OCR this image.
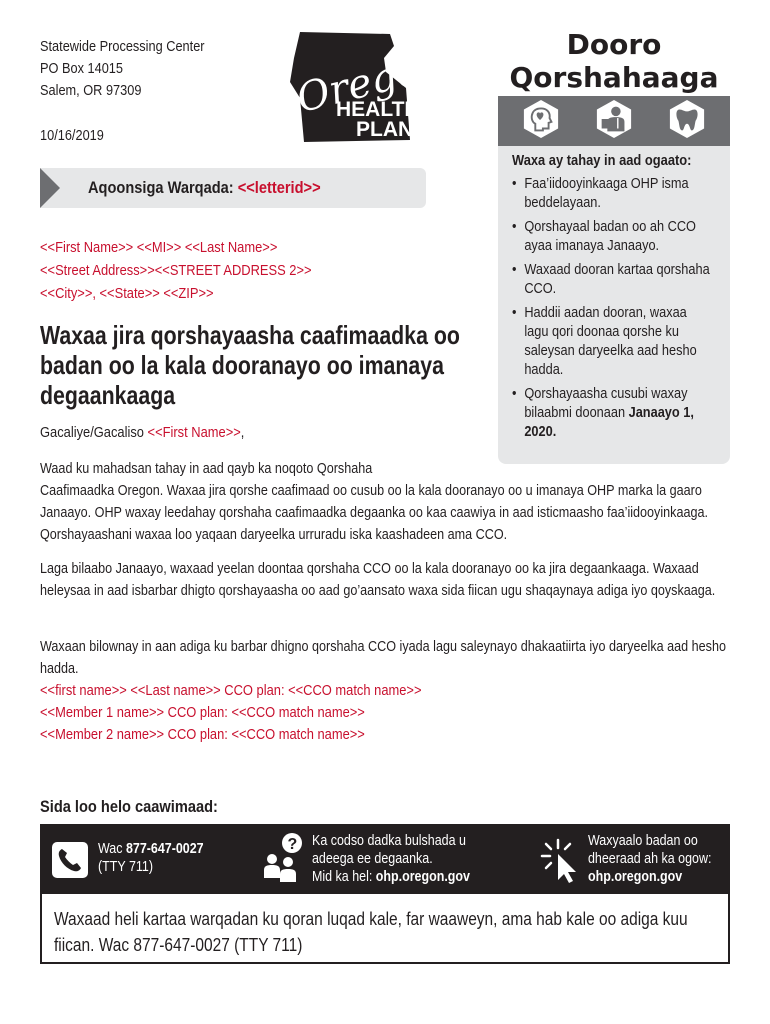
Statewide Processing Center
PO Box 14015
Salem, OR 97309
10/16/2019
Oregon
HEALTH
PLAN
Dooro
Qorshahaaga
Waxa ay tahay in aad ogaato:
• Faa’iidooyinkaaga OHP isma beddelayaan.
• Qorshayaal badan oo ah CCO ayaa imanaya Janaayo.
• Waxaad dooran kartaa qorshaha CCO.
• Haddii aadan dooran, waxaa lagu qori doonaa qorshe ku saleysan daryeelka aad hesho hadda.
• Qorshayaasha cusubi waxay bilaabmi doonaan Janaayo 1, 2020.
Aqoonsiga Warqada: <<letterid>>
<<First Name>> <<MI>> <<Last Name>>
<<Street Address>><<STREET ADDRESS 2>>
<<City>>, <<State>> <<ZIP>>
Waxaa jira qorshayaasha caafimaadka oo badan oo la kala dooranayo oo imanaya degaankaaga
Gacaliye/Gacaliso <<First Name>>,
Waad ku mahadsan tahay in aad qayb ka noqoto Qorshaha
Caafimaadka Oregon. Waxaa jira qorshe caafimaad oo cusub oo la kala dooranayo oo u imanaya OHP marka la gaaro Janaayo. OHP waxay leedahay qorshaha caafimaadka degaanka oo kaa caawiya in aad isticmaasho faa’iidooyinkaaga. Qorshayaashani waxaa loo yaqaan daryeelka urruradu iska kaashadeen ama CCO.
Laga bilaabo Janaayo, waxaad yeelan doontaa qorshaha CCO oo la kala dooranayo oo ka jira degaankaaga. Waxaad heleysaa in aad isbarbar dhigto qorshayaasha oo aad go’aansato waxa sida fiican ugu shaqaynaya adiga iyo qoyskaaga.
Waxaan bilownay in aan adiga ku barbar dhigno qorshaha CCO iyada lagu saleynayo dhakaatiirta iyo daryeelka aad hesho hadda.
<<first name>> <<Last name>> CCO plan: <<CCO match name>>
<<Member 1 name>> CCO plan: <<CCO match name>>
<<Member 2 name>> CCO plan: <<CCO match name>>
Sida loo helo caawimaad:
Wac 877-647-0027
(TTY 711)
? Ka codso dadka bulshada u
adeega ee degaanka.
Mid ka hel: ohp.oregon.gov
Waxyaalo badan oo
dheeraad ah ka ogow:
ohp.oregon.gov
Waxaad heli kartaa warqadan ku qoran luqad kale, far waaweyn, ama hab kale oo adiga kuu fiican. Wac 877-647-0027 (TTY 711)
